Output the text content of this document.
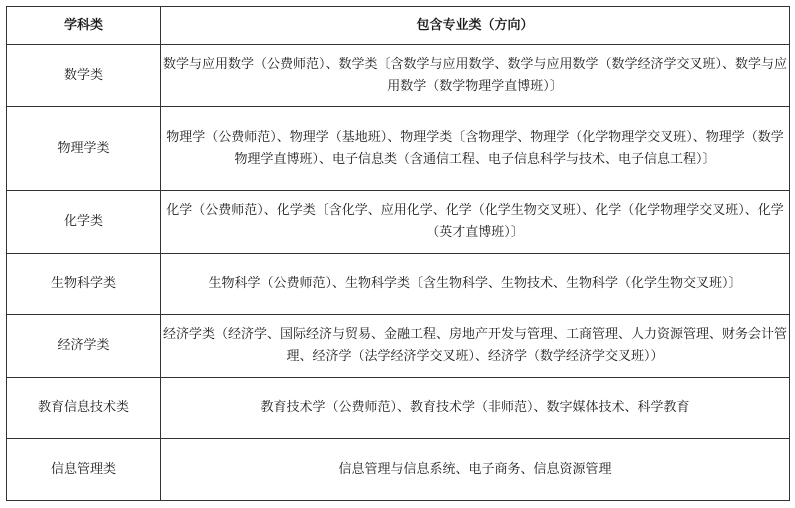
学科类	包含专业类（方向）
数学类	数学与应用数学（公费师范）、数学类〔含数学与应用数学、数学与应用数学（数学经济学交叉班）、数学与应用数学（数学物理学直博班）〕
物理学类	物理学（公费师范）、物理学（基地班）、物理学类〔含物理学、物理学（化学物理学交叉班）、物理学（数学物理学直博班）、电子信息类（含通信工程、电子信息科学与技术、电子信息工程）〕
化学类	化学（公费师范）、化学类〔含化学、应用化学、化学（化学生物交叉班）、化学（化学物理学交叉班）、化学（英才直博班）〕
生物科学类	生物科学（公费师范）、生物科学类〔含生物科学、生物技术、生物科学（化学生物交叉班）〕
经济学类	经济学类（经济学、国际经济与贸易、金融工程、房地产开发与管理、工商管理、人力资源管理、财务会计管理、经济学（法学经济学交叉班）、经济学（数学经济学交叉班））
教育信息技术类	教育技术学（公费师范）、教育技术学（非师范）、数字媒体技术、科学教育
信息管理类	信息管理与信息系统、电子商务、信息资源管理
